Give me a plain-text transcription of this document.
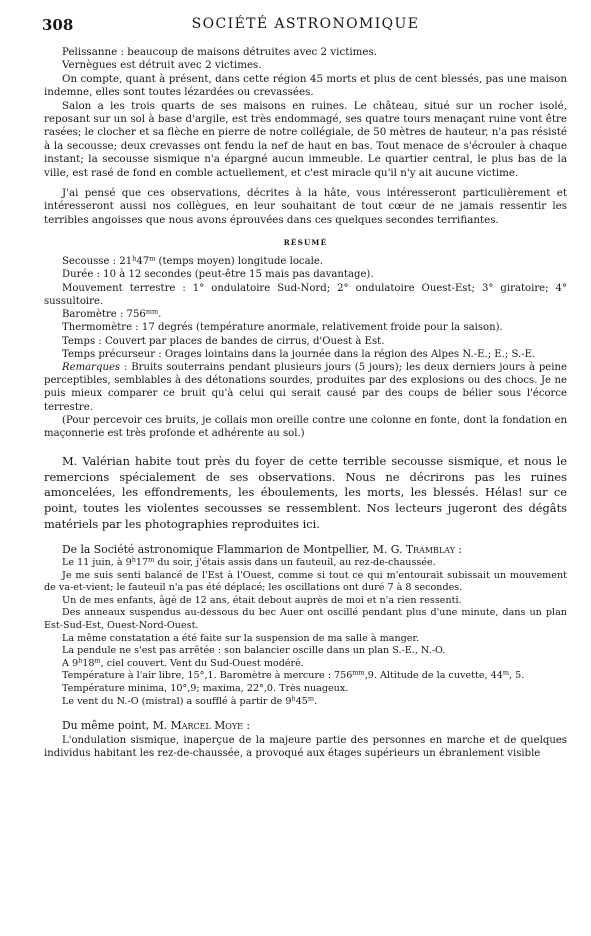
308	SOCIÉTÉ ASTRONOMIQUE

Pelissanne : beaucoup de maisons détruites avec 2 victimes.

Vernègues est détruit avec 2 victimes.

On compte, quant à présent, dans cette région 45 morts et plus de cent blessés, pas une maison indemne, elles sont toutes lézardées ou crevassées.

Salon a les trois quarts de ses maisons en ruines. Le château, situé sur un rocher isolé, reposant sur un sol à base d'argile, est très endommagé, ses quatre tours menaçant ruine vont être rasées; le clocher et sa flèche en pierre de notre collégiale, de 50 mètres de hauteur, n'a pas résisté à la secousse; deux crevasses ont fendu la nef de haut en bas. Tout menace de s'écrouler à chaque instant; la secousse sismique n'a épargné aucun immeuble. Le quartier central, le plus bas de la ville, est rasé de fond en comble actuellement, et c'est miracle qu'il n'y ait aucune victime.

J'ai pensé que ces observations, décrites à la hâte, vous intéresseront particulièrement et intéresseront aussi nos collègues, en leur souhaitant de tout cœur de ne jamais ressentir les terribles angoisses que nous avons éprouvées dans ces quelques secondes terrifiantes.

RÉSUMÉ

Secousse : 21$^h$47$^m$ (temps moyen) longitude locale.

Durée : 10 à 12 secondes (peut-être 15 mais pas davantage).

Mouvement terrestre : 1° ondulatoire Sud-Nord; 2° ondulatoire Ouest-Est; 3° giratoire; 4° sussultoire.

Baromètre : $756^{mm}$.

Thermomètre : 17 degrés (température anormale, relativement froide pour la saison).

Temps : Couvert par places de bandes de cirrus, d'Ouest à Est.

Temps précurseur : Orages lointains dans la journée dans la région des Alpes N.-E.; E.; S.-E.

Remarques : Bruits souterrains pendant plusieurs jours (5 jours); les deux derniers jours à peine perceptibles, semblables à des détonations sourdes, produites par des explosions ou des chocs. Je ne puis mieux comparer ce bruit qu'à celui qui serait causé par des coups de bélier sous l'écorce terrestre.

(Pour percevoir ces bruits, je collais mon oreille contre une colonne en fonte, dont la fondation en maçonnerie est très profonde et adhérente au sol.)

M. Valérian habite tout près du foyer de cette terrible secousse sismique, et nous le remercions spécialement de ses observations. Nous ne décrirons pas les ruines amoncelées, les effondrements, les éboulements, les morts, les blessés. Hélas! sur ce point, toutes les violentes secousses se ressemblent. Nos lecteurs jugeront des dégâts matériels par les photographies reproduites ici.

De la Société astronomique Flammarion de Montpellier, M. G. Tramblay :

Le 11 juin, à 9$^h$17$^m$ du soir, j'étais assis dans un fauteuil, au rez-de-chaussée.

Je me suis senti balancé de l'Est à l'Ouest, comme si tout ce qui m'entourait subissait un mouvement de va-et-vient; le fauteuil n'a pas été déplacé; les oscillations ont duré 7 à 8 secondes.

Un de mes enfants, âgé de 12 ans, était debout auprès de moi et n'a rien ressenti.

Des anneaux suspendus au-dessous du bec Auer ont oscillé pendant plus d'une minute, dans un plan Est-Sud-Est, Ouest-Nord-Ouest.

La même constatation a été faite sur la suspension de ma salle à manger.

La pendule ne s'est pas arrêtée : son balancier oscille dans un plan S.-E., N.-O.

A 9$^h$18$^m$, ciel couvert. Vent du Sud-Ouest modéré.

Température à l'air libre, 15°,1. Baromètre à mercure : $756^{mm},9$. Altitude de la cuvette, 44$^m$, 5.

Température minima, 10°,9; maxima, 22°,0. Très nuageux.

Le vent du N.-O (mistral) a soufflé à partir de 9$^h$45$^m$.

Du même point, M. Marcel Moye :

L'ondulation sismique, inaperçue de la majeure partie des personnes en marche et de quelques individus habitant les rez-de-chaussée, a provoqué aux étages supérieurs un ébranlement visible
